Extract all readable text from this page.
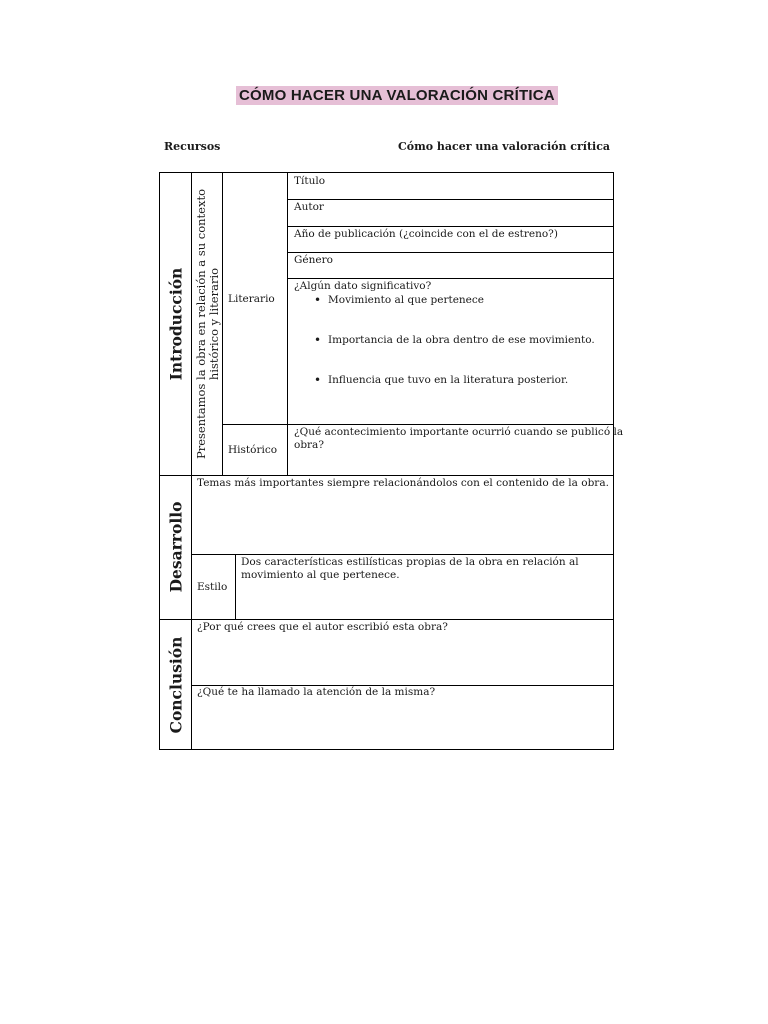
CÓMO HACER UNA VALORACIÓN CRÍTICA
Recursos	Cómo hacer una valoración crítica
Introducción
Desarrollo
Conclusión
Presentamos la obra en relación a su contexto histórico y literario Literario
Título
Autor
Año de publicación (¿coincide con el de estreno?)
Género
¿Algún dato significativo?
• Movimiento al que pertenece
• Importancia de la obra dentro de ese movimiento.
• Influencia que tuvo en la literatura posterior.
Histórico
¿Qué acontecimiento importante ocurrió cuando se publicó la
obra?
Temas más importantes siempre relacionándolos con el contenido de la obra.
Estilo
Dos características estilísticas propias de la obra en relación al
movimiento al que pertenece.
¿Por qué crees que el autor escribió esta obra?
¿Qué te ha llamado la atención de la misma?
